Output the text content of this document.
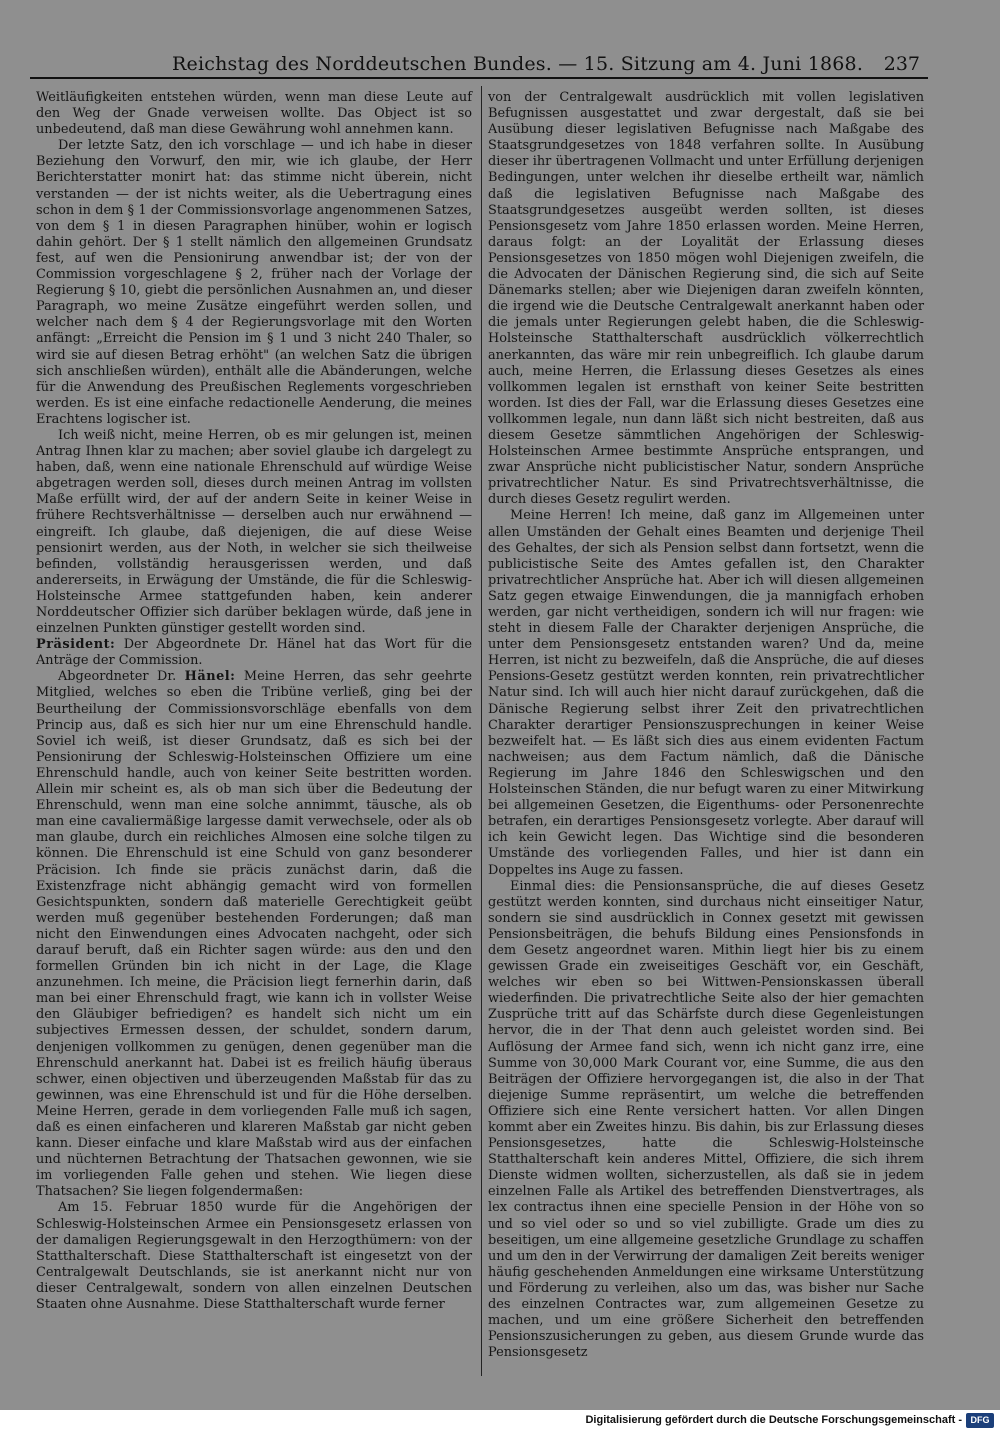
Reichstag des Norddeutschen Bundes. — 15. Sitzung am 4. Juni 1868. 237

Weitläufigkeiten entstehen würden, wenn man diese Leute auf den Weg der Gnade verweisen wollte. Das Object ist so unbedeutend, daß man diese Gewährung wohl annehmen kann.

Der letzte Satz, den ich vorschlage — und ich habe in dieser Beziehung den Vorwurf, den mir, wie ich glaube, der Herr Berichterstatter monirt hat: das stimme nicht überein, nicht verstanden — der ist nichts weiter, als die Uebertragung eines schon in dem § 1 der Commissionsvorlage angenommenen Satzes, von dem § 1 in diesen Paragraphen hinüber, wohin er logisch dahin gehört. Der § 1 stellt nämlich den allgemeinen Grundsatz fest, auf wen die Pensionirung anwendbar ist; der von der Commission vorgeschlagene § 2, früher nach der Vorlage der Regierung § 10, giebt die persönlichen Ausnahmen an, und dieser Paragraph, wo meine Zusätze eingeführt werden sollen, und welcher nach dem § 4 der Regierungsvorlage mit den Worten anfängt: „Erreicht die Pension im § 1 und 3 nicht 240 Thaler, so wird sie auf diesen Betrag erhöht" (an welchen Satz die übrigen sich anschließen würden), enthält alle die Abänderungen, welche für die Anwendung des Preußischen Reglements vorgeschrieben werden. Es ist eine einfache redactionelle Aenderung, die meines Erachtens logischer ist.

Ich weiß nicht, meine Herren, ob es mir gelungen ist, meinen Antrag Ihnen klar zu machen; aber soviel glaube ich dargelegt zu haben, daß, wenn eine nationale Ehrenschuld auf würdige Weise abgetragen werden soll, dieses durch meinen Antrag im vollsten Maße erfüllt wird, der auf der andern Seite in keiner Weise in frühere Rechtsverhältnisse — derselben auch nur erwähnend — eingreift. Ich glaube, daß diejenigen, die auf diese Weise pensionirt werden, aus der Noth, in welcher sie sich theilweise befinden, vollständig herausgerissen werden, und daß andererseits, in Erwägung der Umstände, die für die Schleswig-Holsteinsche Armee stattgefunden haben, kein anderer Norddeutscher Offizier sich darüber beklagen würde, daß jene in einzelnen Punkten günstiger gestellt worden sind.

Präsident: Der Abgeordnete Dr. Hänel hat das Wort für die Anträge der Commission.

Abgeordneter Dr. Hänel: Meine Herren, das sehr geehrte Mitglied, welches so eben die Tribüne verließ, ging bei der Beurtheilung der Commissionsvorschläge ebenfalls von dem Princip aus, daß es sich hier nur um eine Ehrenschuld handle. Soviel ich weiß, ist dieser Grundsatz, daß es sich bei der Pensionirung der Schleswig-Holsteinschen Offiziere um eine Ehrenschuld handle, auch von keiner Seite bestritten worden. Allein mir scheint es, als ob man sich über die Bedeutung der Ehrenschuld, wenn man eine solche annimmt, täusche, als ob man eine cavaliermäßige largesse damit verwechsele, oder als ob man glaube, durch ein reichliches Almosen eine solche tilgen zu können. Die Ehrenschuld ist eine Schuld von ganz besonderer Präcision. Ich finde sie präcis zunächst darin, daß die Existenzfrage nicht abhängig gemacht wird von formellen Gesichtspunkten, sondern daß materielle Gerechtigkeit geübt werden muß gegenüber bestehenden Forderungen; daß man nicht den Einwendungen eines Advocaten nachgeht, oder sich darauf beruft, daß ein Richter sagen würde: aus den und den formellen Gründen bin ich nicht in der Lage, die Klage anzunehmen. Ich meine, die Präcision liegt fernerhin darin, daß man bei einer Ehrenschuld fragt, wie kann ich in vollster Weise den Gläubiger befriedigen? es handelt sich nicht um ein subjectives Ermessen dessen, der schuldet, sondern darum, denjenigen vollkommen zu genügen, denen gegenüber man die Ehrenschuld anerkannt hat. Dabei ist es freilich häufig überaus schwer, einen objectiven und überzeugenden Maßstab für das zu gewinnen, was eine Ehrenschuld ist und für die Höhe derselben. Meine Herren, gerade in dem vorliegenden Falle muß ich sagen, daß es einen einfacheren und klareren Maßstab gar nicht geben kann. Dieser einfache und klare Maßstab wird aus der einfachen und nüchternen Betrachtung der Thatsachen gewonnen, wie sie im vorliegenden Falle gehen und stehen. Wie liegen diese Thatsachen? Sie liegen folgendermaßen:

Am 15. Februar 1850 wurde für die Angehörigen der Schleswig-Holsteinschen Armee ein Pensionsgesetz erlassen von der damaligen Regierungsgewalt in den Herzogthümern: von der Statthalterschaft. Diese Statthalterschaft ist eingesetzt von der Centralgewalt Deutschlands, sie ist anerkannt nicht nur von dieser Centralgewalt, sondern von allen einzelnen Deutschen Staaten ohne Ausnahme. Diese Statthalterschaft wurde ferner

von der Centralgewalt ausdrücklich mit vollen legislativen Befugnissen ausgestattet und zwar dergestalt, daß sie bei Ausübung dieser legislativen Befugnisse nach Maßgabe des Staatsgrundgesetzes von 1848 verfahren sollte. In Ausübung dieser ihr übertragenen Vollmacht und unter Erfüllung derjenigen Bedingungen, unter welchen ihr dieselbe ertheilt war, nämlich daß die legislativen Befugnisse nach Maßgabe des Staatsgrundgesetzes ausgeübt werden sollten, ist dieses Pensionsgesetz vom Jahre 1850 erlassen worden. Meine Herren, daraus folgt: an der Loyalität der Erlassung dieses Pensionsgesetzes von 1850 mögen wohl Diejenigen zweifeln, die die Advocaten der Dänischen Regierung sind, die sich auf Seite Dänemarks stellen; aber wie Diejenigen daran zweifeln könnten, die irgend wie die Deutsche Centralgewalt anerkannt haben oder die jemals unter Regierungen gelebt haben, die die Schleswig-Holsteinsche Statthalterschaft ausdrücklich völkerrechtlich anerkannten, das wäre mir rein unbegreiflich. Ich glaube darum auch, meine Herren, die Erlassung dieses Gesetzes als eines vollkommen legalen ist ernsthaft von keiner Seite bestritten worden. Ist dies der Fall, war die Erlassung dieses Gesetzes eine vollkommen legale, nun dann läßt sich nicht bestreiten, daß aus diesem Gesetze sämmtlichen Angehörigen der Schleswig-Holsteinschen Armee bestimmte Ansprüche entsprangen, und zwar Ansprüche nicht publicistischer Natur, sondern Ansprüche privatrechtlicher Natur. Es sind Privatrechtsverhältnisse, die durch dieses Gesetz regulirt werden.

Meine Herren! Ich meine, daß ganz im Allgemeinen unter allen Umständen der Gehalt eines Beamten und derjenige Theil des Gehaltes, der sich als Pension selbst dann fortsetzt, wenn die publicistische Seite des Amtes gefallen ist, den Charakter privatrechtlicher Ansprüche hat. Aber ich will diesen allgemeinen Satz gegen etwaige Einwendungen, die ja mannigfach erhoben werden, gar nicht vertheidigen, sondern ich will nur fragen: wie steht in diesem Falle der Charakter derjenigen Ansprüche, die unter dem Pensionsgesetz entstanden waren? Und da, meine Herren, ist nicht zu bezweifeln, daß die Ansprüche, die auf dieses Pensions-Gesetz gestützt werden konnten, rein privatrechtlicher Natur sind. Ich will auch hier nicht darauf zurückgehen, daß die Dänische Regierung selbst ihrer Zeit den privatrechtlichen Charakter derartiger Pensionszusprechungen in keiner Weise bezweifelt hat. — Es läßt sich dies aus einem evidenten Factum nachweisen; aus dem Factum nämlich, daß die Dänische Regierung im Jahre 1846 den Schleswigschen und den Holsteinschen Ständen, die nur befugt waren zu einer Mitwirkung bei allgemeinen Gesetzen, die Eigenthums- oder Personenrechte betrafen, ein derartiges Pensionsgesetz vorlegte. Aber darauf will ich kein Gewicht legen. Das Wichtige sind die besonderen Umstände des vorliegenden Falles, und hier ist dann ein Doppeltes ins Auge zu fassen.

Einmal dies: die Pensionsansprüche, die auf dieses Gesetz gestützt werden konnten, sind durchaus nicht einseitiger Natur, sondern sie sind ausdrücklich in Connex gesetzt mit gewissen Pensionsbeiträgen, die behufs Bildung eines Pensionsfonds in dem Gesetz angeordnet waren. Mithin liegt hier bis zu einem gewissen Grade ein zweiseitiges Geschäft vor, ein Geschäft, welches wir eben so bei Wittwen-Pensionskassen überall wiederfinden. Die privatrechtliche Seite also der hier gemachten Zusprüche tritt auf das Schärfste durch diese Gegenleistungen hervor, die in der That denn auch geleistet worden sind. Bei Auflösung der Armee fand sich, wenn ich nicht ganz irre, eine Summe von 30,000 Mark Courant vor, eine Summe, die aus den Beiträgen der Offiziere hervorgegangen ist, die also in der That diejenige Summe repräsentirt, um welche die betreffenden Offiziere sich eine Rente versichert hatten. Vor allen Dingen kommt aber ein Zweites hinzu. Bis dahin, bis zur Erlassung dieses Pensionsgesetzes, hatte die Schleswig-Holsteinsche Statthalterschaft kein anderes Mittel, Offiziere, die sich ihrem Dienste widmen wollten, sicherzustellen, als daß sie in jedem einzelnen Falle als Artikel des betreffenden Dienstvertrages, als lex contractus ihnen eine specielle Pension in der Höhe von so und so viel oder so und so viel zubilligte. Grade um dies zu beseitigen, um eine allgemeine gesetzliche Grundlage zu schaffen und um den in der Verwirrung der damaligen Zeit bereits weniger häufig geschehenden Anmeldungen eine wirksame Unterstützung und Förderung zu verleihen, also um das, was bisher nur Sache des einzelnen Contractes war, zum allgemeinen Gesetze zu machen, und um eine größere Sicherheit den betreffenden Pensionszusicherungen zu geben, aus diesem Grunde wurde das Pensionsgesetz

Digitalisierung gefördert durch die Deutsche Forschungsgemeinschaft - DFG
